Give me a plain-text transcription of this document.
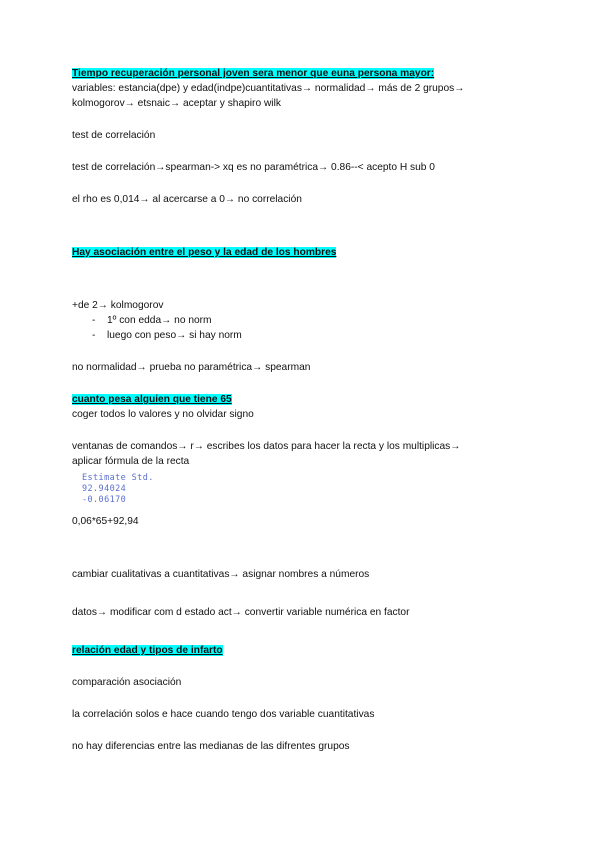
Tiempo recuperación personal joven sera menor que euna persona mayor:

variables: estancia(dpe) y edad(indpe)cuantitativas→ normalidad→ más de 2 grupos→

kolmogorov→ etsnaic→ aceptar y shapiro wilk

test de correlación

test de correlación→spearman-> xq es no paramétrica→ 0.86--< acepto H sub 0

el rho es 0,014→ al acercarse a 0→ no correlación

Hay asociación entre el peso y la edad de los hombres

+de 2→ kolmogorov

- 1º con edda→ no norm
- luego con peso→ si hay norm

no normalidad→ prueba no paramétrica→ spearman

cuanto pesa alguien que tiene 65

coger todos lo valores y no olvidar signo

ventanas de comandos→ r→ escribes los datos para hacer la recta y los multiplicas→

aplicar fórmula de la recta

Estimate Std.
92.94024
-0.06170

0,06*65+92,94

cambiar cualitativas a cuantitativas→ asignar nombres a números

datos→ modificar com d estado act→ convertir variable numérica en factor

relación edad y tipos de infarto

comparación asociación

la correlación solos e hace cuando tengo dos variable cuantitativas

no hay diferencias entre las medianas de las difrentes grupos
